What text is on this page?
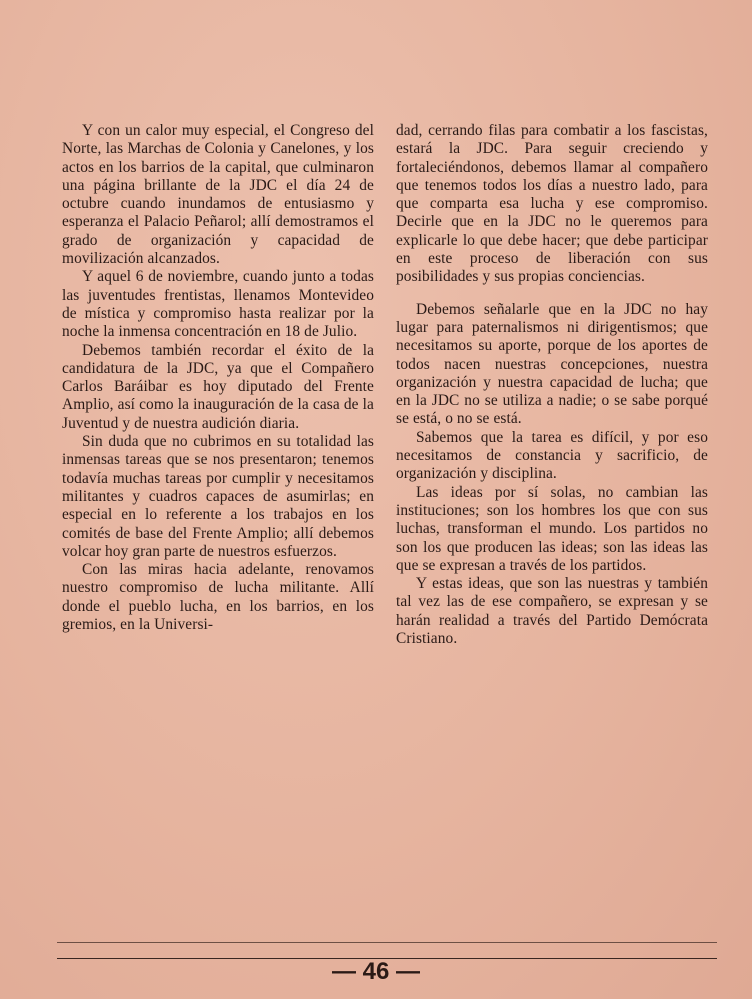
Y con un calor muy especial, el Congreso del Norte, las Marchas de Colonia y Canelones, y los actos en los barrios de la capital, que culminaron una página brillante de la JDC el día 24 de octubre cuando inundamos de entusiasmo y esperanza el Palacio Peñarol; allí demostramos el grado de organización y capacidad de movilización alcanzados.

Y aquel 6 de noviembre, cuando junto a todas las juventudes frentistas, llenamos Montevideo de mística y compromiso hasta realizar por la noche la inmensa concentración en 18 de Julio.

Debemos también recordar el éxito de la candidatura de la JDC, ya que el Compañero Carlos Baráibar es hoy diputado del Frente Amplio, así como la inauguración de la casa de la Juventud y de nuestra audición diaria.

Sin duda que no cubrimos en su totalidad las inmensas tareas que se nos presentaron; tenemos todavía muchas tareas por cumplir y necesitamos militantes y cuadros capaces de asumirlas; en especial en lo referente a los trabajos en los comités de base del Frente Amplio; allí debemos volcar hoy gran parte de nuestros esfuerzos.

Con las miras hacia adelante, renovamos nuestro compromiso de lucha militante. Allí donde el pueblo lucha, en los barrios, en los gremios, en la Universi-

dad, cerrando filas para combatir a los fascistas, estará la JDC. Para seguir creciendo y fortaleciéndonos, debemos llamar al compañero que tenemos todos los días a nuestro lado, para que comparta esa lucha y ese compromiso. Decirle que en la JDC no le queremos para explicarle lo que debe hacer; que debe participar en este proceso de liberación con sus posibilidades y sus propias conciencias.

Debemos señalarle que en la JDC no hay lugar para paternalismos ni dirigentismos; que necesitamos su aporte, porque de los aportes de todos nacen nuestras concepciones, nuestra organización y nuestra capacidad de lucha; que en la JDC no se utiliza a nadie; o se sabe porqué se está, o no se está.

Sabemos que la tarea es difícil, y por eso necesitamos de constancia y sacrificio, de organización y disciplina.

Las ideas por sí solas, no cambian las instituciones; son los hombres los que con sus luchas, transforman el mundo. Los partidos no son los que producen las ideas; son las ideas las que se expresan a través de los partidos.

Y estas ideas, que son las nuestras y también tal vez las de ese compañero, se expresan y se harán realidad a través del Partido Demócrata Cristiano.

— 46 —
